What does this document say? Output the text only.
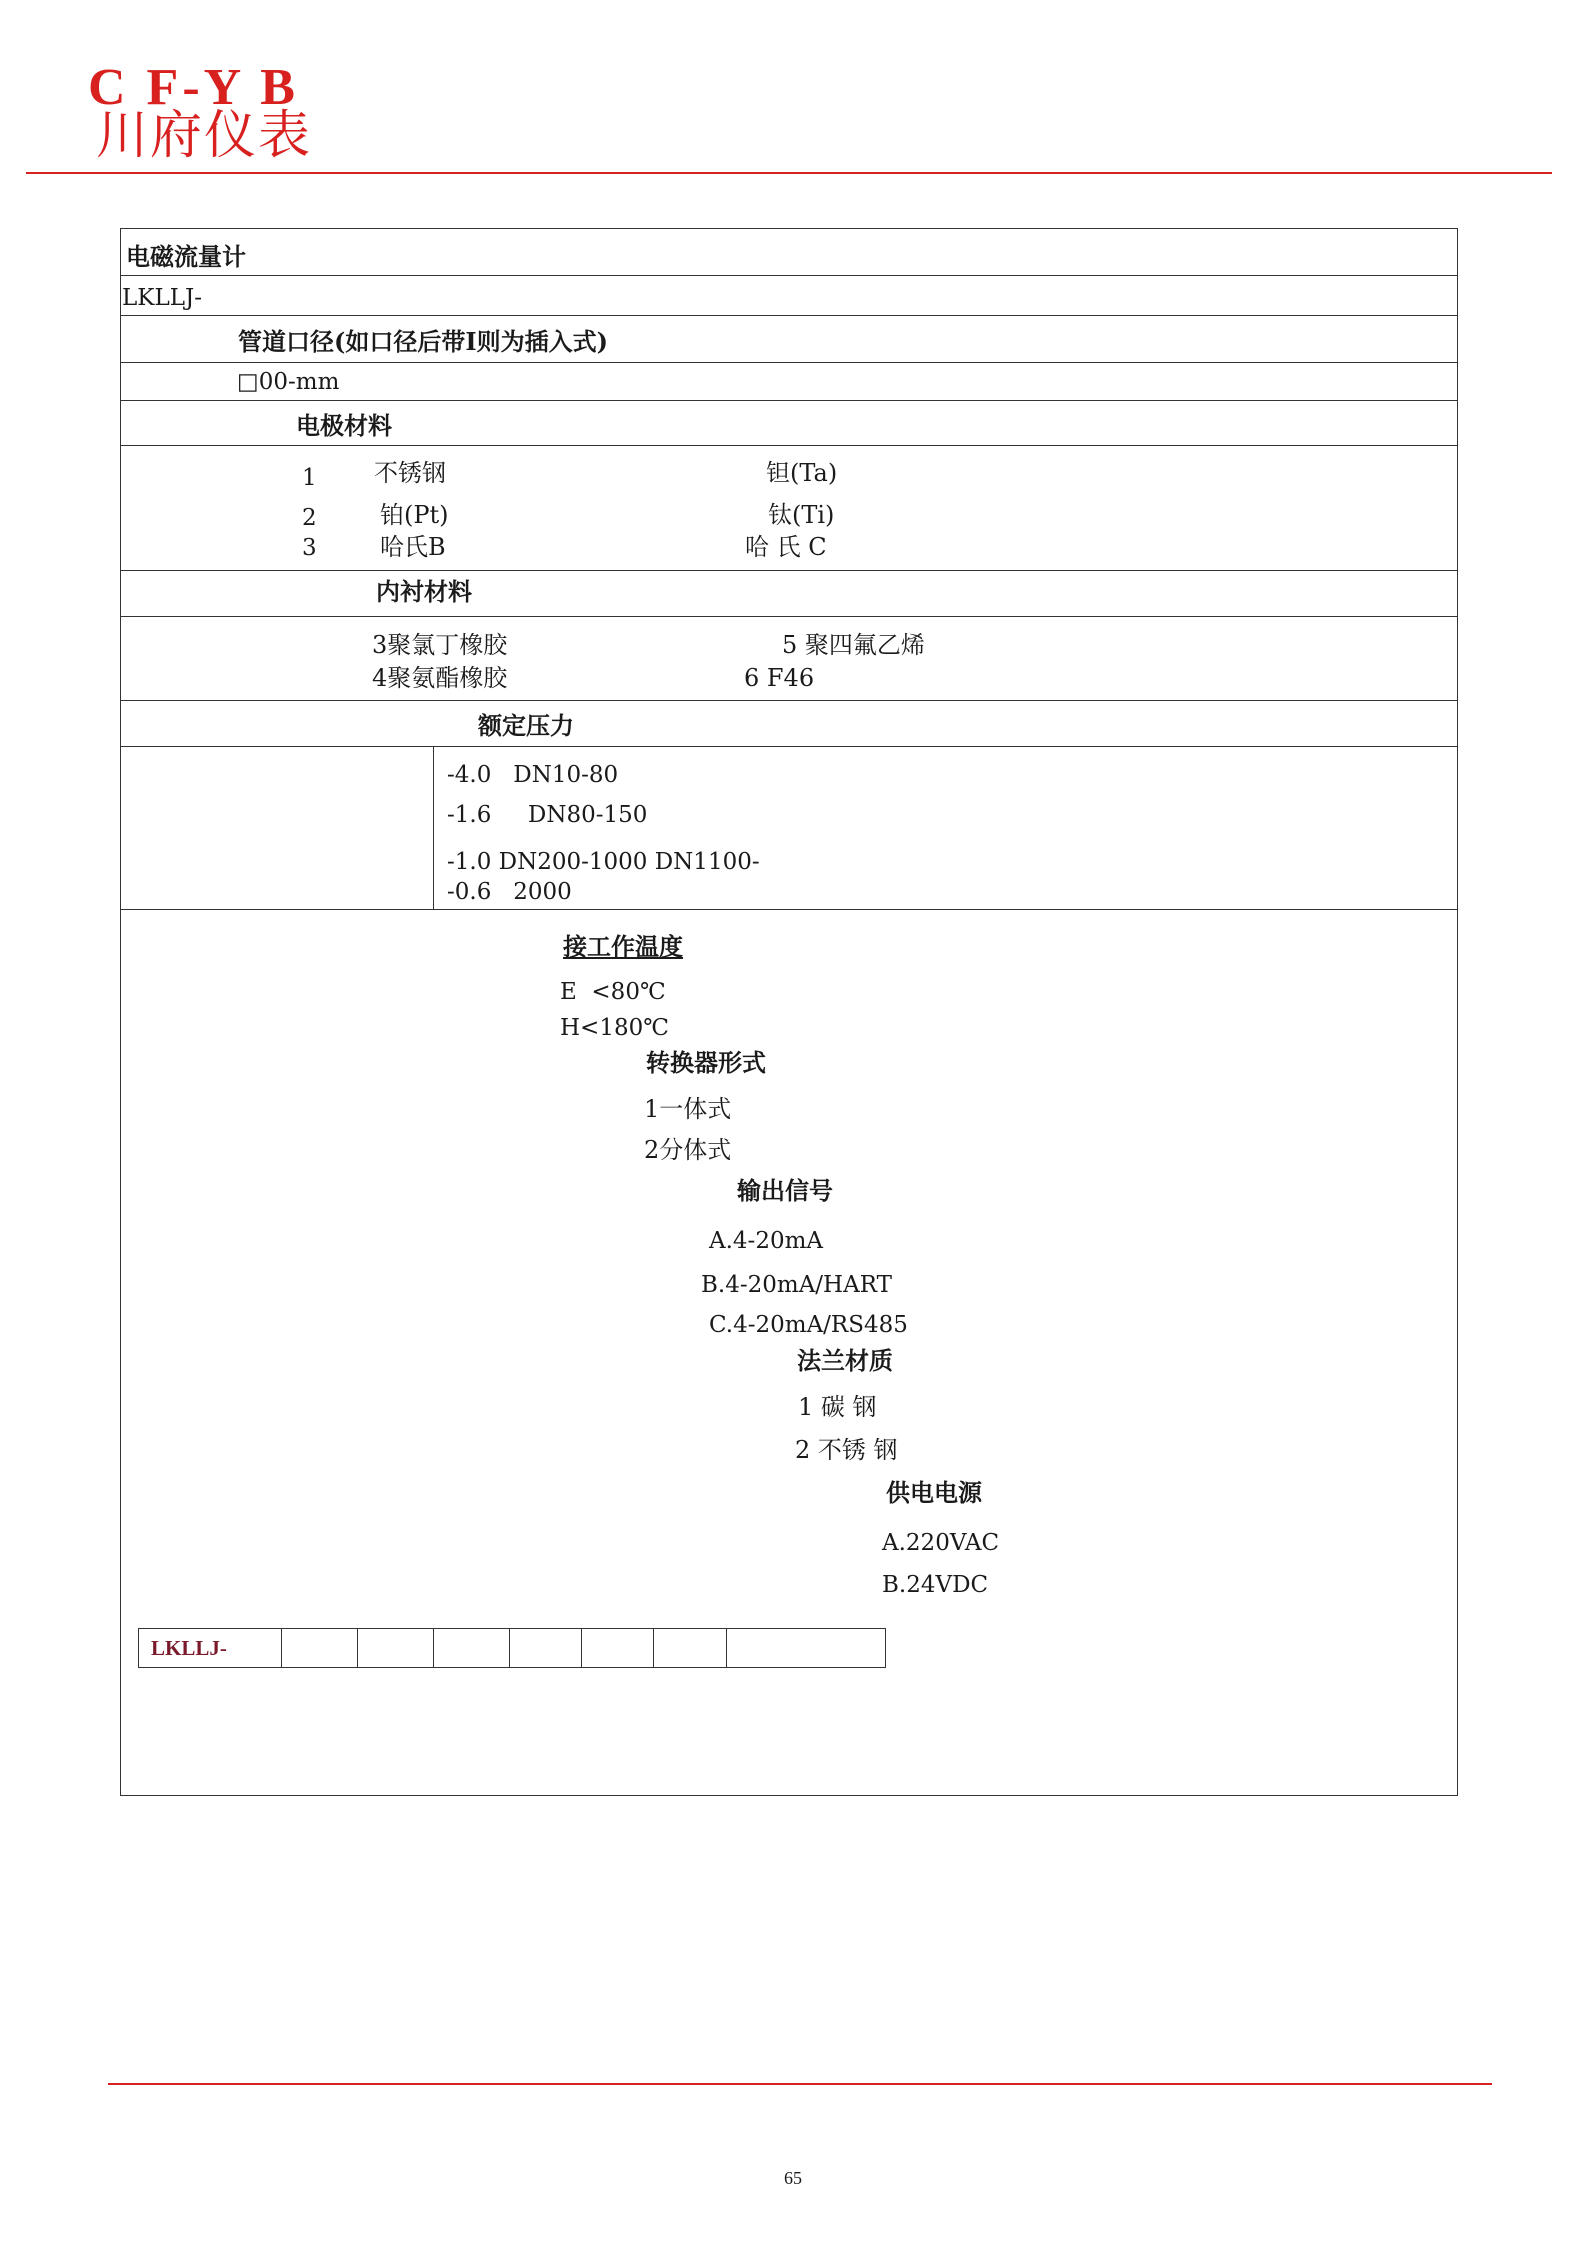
C F-Y B
川府仪表
电磁流量计
LKLLJ-
管道口径(如口径后带I则为插入式)
□00-mm
电极材料
1 不锈钢	钽(Ta)
2	铂(Pt)	钛(Ti)
3	哈氏B	哈 氏 C
内衬材料
3聚氯丁橡胶	5 聚四氟乙烯
4聚氨酯橡胶	6 F46
额定压力
-4.0   DN10-80
-1.6     DN80-150
-1.0 DN200-1000 DN1100-
-0.6   2000
接工作温度
E  <80℃
H<180℃
转换器形式
1一体式
2分体式
输出信号
A.4-20mA
B.4-20mA/HART
C.4-20mA/RS485
法兰材质
1 碳 钢
2 不锈 钢
供电电源
A.220VAC
B.24VDC
LKLLJ-
65
